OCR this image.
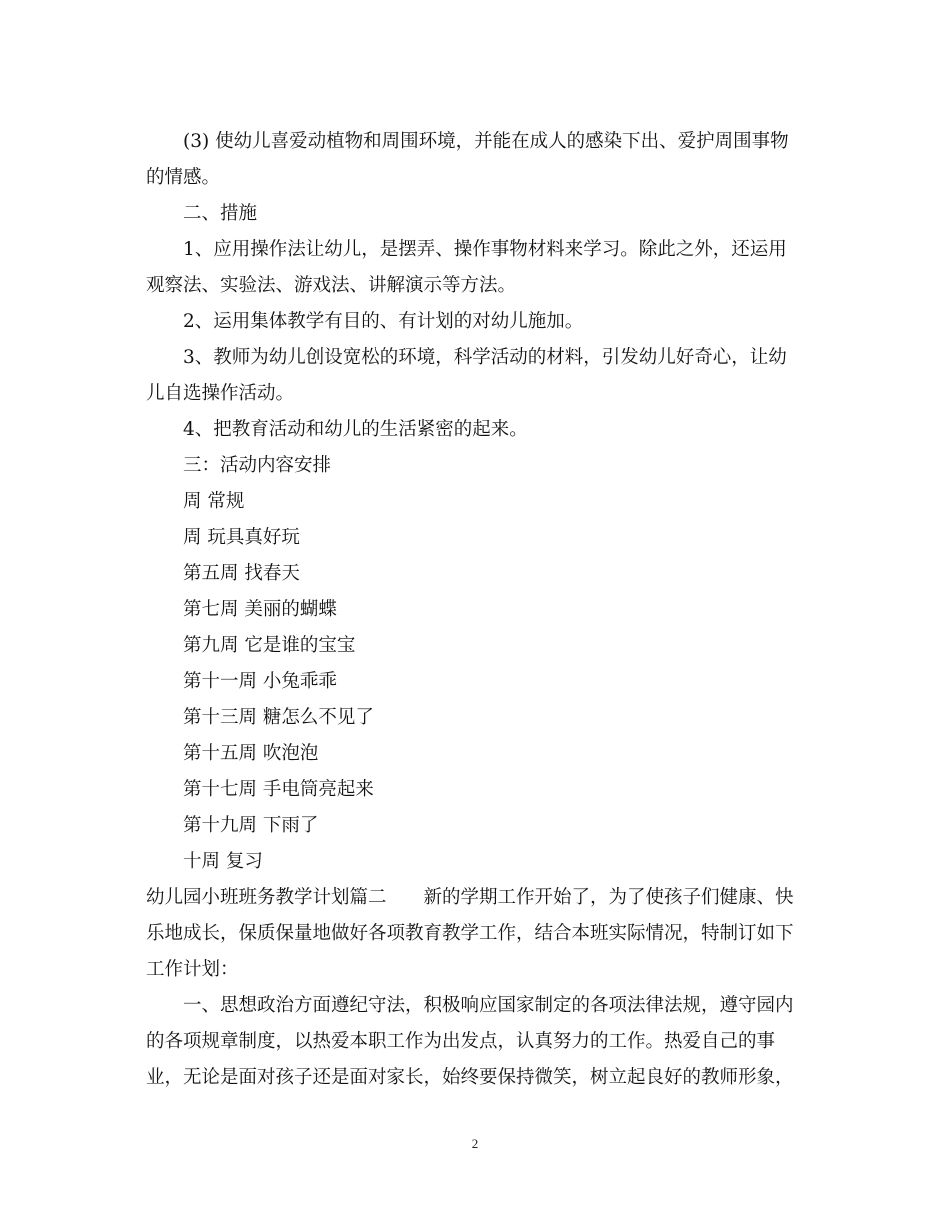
(3) 使幼儿喜爱动植物和周围环境，并能在成人的感染下出、爱护周围事物
的情感。
二、措施
1、应用操作法让幼儿，是摆弄、操作事物材料来学习。除此之外，还运用
观察法、实验法、游戏法、讲解演示等方法。
2、运用集体教学有目的、有计划的对幼儿施加。
3、教师为幼儿创设宽松的环境，科学活动的材料，引发幼儿好奇心，让幼
儿自选操作活动。
4、把教育活动和幼儿的生活紧密的起来。
三：活动内容安排
周 常规
周 玩具真好玩
第五周 找春天
第七周 美丽的蝴蝶
第九周 它是谁的宝宝
第十一周 小兔乖乖
第十三周 糖怎么不见了
第十五周 吹泡泡
第十七周 手电筒亮起来
第十九周 下雨了
十周 复习
幼儿园小班班务教学计划篇二　　新的学期工作开始了，为了使孩子们健康、快
乐地成长，保质保量地做好各项教育教学工作，结合本班实际情况，特制订如下
工作计划：
一、思想政治方面遵纪守法，积极响应国家制定的各项法律法规，遵守园内
的各项规章制度，以热爱本职工作为出发点，认真努力的工作。热爱自己的事
业，无论是面对孩子还是面对家长，始终要保持微笑，树立起良好的教师形象，
2
